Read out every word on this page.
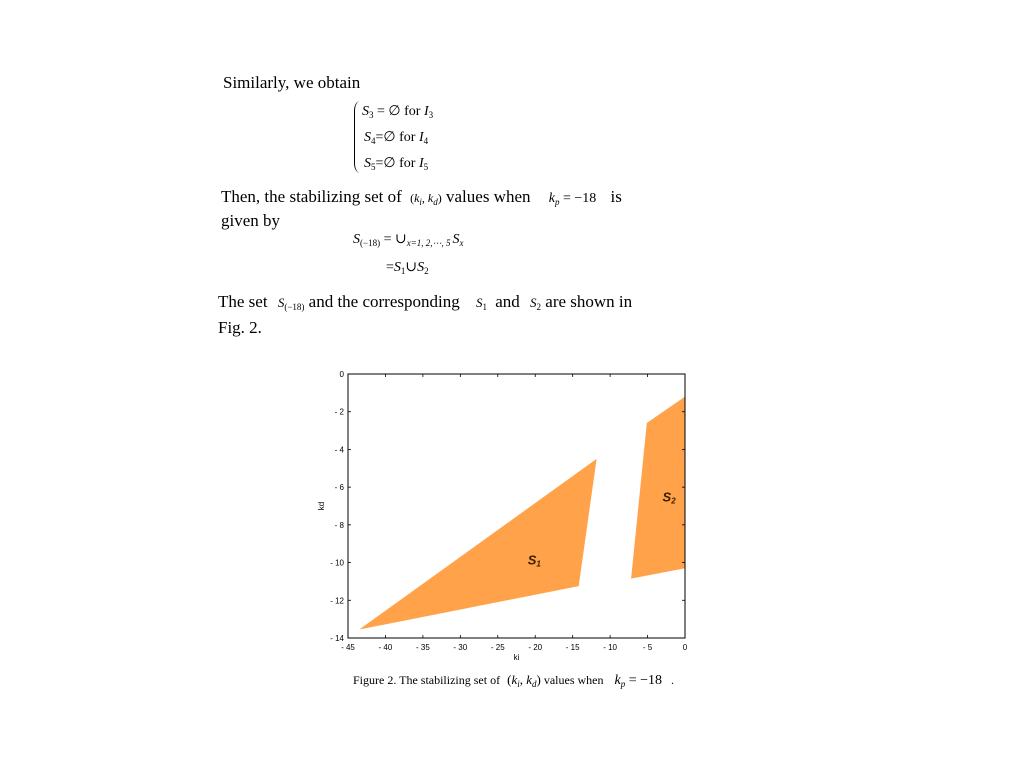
Similarly, we obtain
$S_3$ = ∅ for $I_3$
$S_4=\emptyset$ for $I_4$
$S_5=\emptyset$ for $I_5$
Then, the stabilizing set of ($k_i$, $k_d$) values when $k_p = -18$ is
given by
$S_{(-18)}$ = $\cup_{x=1, 2,\cdots, 5}$ $S_x$
$=S_1\cup S_2$
The set $S_{(-18)}$ and the corresponding $S_1$ and $S_2$ are shown in
Fig. 2.
S1
S2
- 45	- 40	- 35	- 30	- 25	- 20	- 15	- 10	- 5	0
0
- 2
- 4
- 6
- 8
- 10
- 12
- 14
ki
kd
Figure 2. The stabilizing set of ($k_i$, $k_d$) values when $k_p = -18$ .
